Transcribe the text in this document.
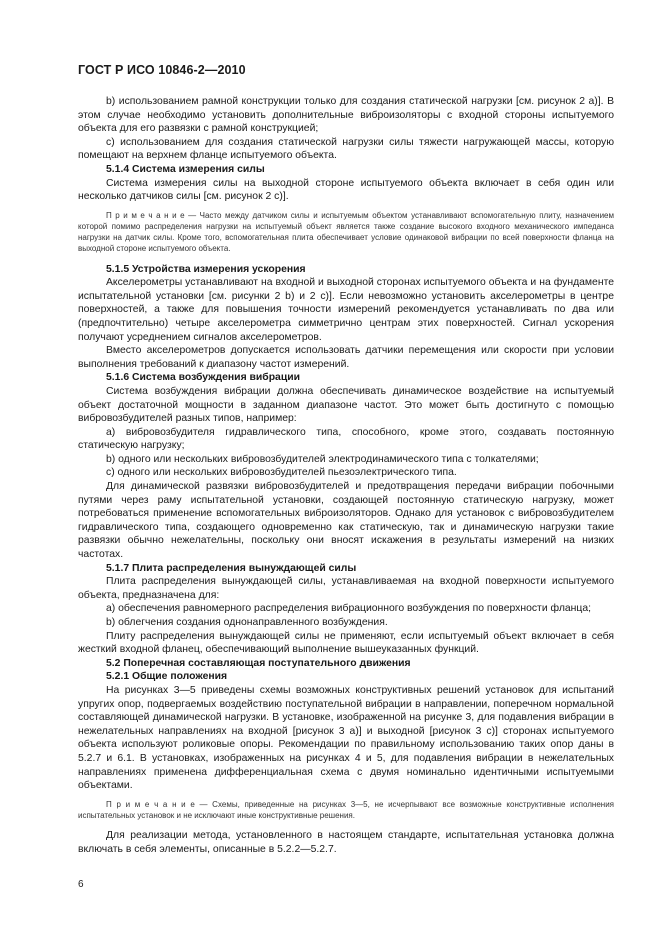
ГОСТ Р ИСО 10846-2—2010

b) использованием рамной конструкции только для создания статической нагрузки [см. рисунок 2 а)]. В этом случае необходимо установить дополнительные виброизоляторы с входной стороны испытуемого объекта для его развязки с рамной конструкцией;

c) использованием для создания статической нагрузки силы тяжести нагружающей массы, которую помещают на верхнем фланце испытуемого объекта.

5.1.4 Система измерения силы

Система измерения силы на выходной стороне испытуемого объекта включает в себя один или несколько датчиков силы [см. рисунок 2 с)].

П р и м е ч а н и е — Часто между датчиком силы и испытуемым объектом устанавливают вспомогательную плиту, назначением которой помимо распределения нагрузки на испытуемый объект является также создание высокого входного механического импеданса нагрузки на датчик силы. Кроме того, вспомогательная плита обеспечивает условие одинаковой вибрации по всей поверхности фланца на выходной стороне испытуемого объекта.

5.1.5 Устройства измерения ускорения

Акселерометры устанавливают на входной и выходной сторонах испытуемого объекта и на фундаменте испытательной установки [см. рисунки 2 b) и 2 с)]. Если невозможно установить акселерометры в центре поверхностей, а также для повышения точности измерений рекомендуется устанавливать по два или (предпочтительно) четыре акселерометра симметрично центрам этих поверхностей. Сигнал ускорения получают усреднением сигналов акселерометров.

Вместо акселерометров допускается использовать датчики перемещения или скорости при условии выполнения требований к диапазону частот измерений.

5.1.6 Система возбуждения вибрации

Система возбуждения вибрации должна обеспечивать динамическое воздействие на испытуемый объект достаточной мощности в заданном диапазоне частот. Это может быть достигнуто с помощью вибровозбудителей разных типов, например:

а) вибровозбудителя гидравлического типа, способного, кроме этого, создавать постоянную статическую нагрузку;

b) одного или нескольких вибровозбудителей электродинамического типа с толкателями;

c) одного или нескольких вибровозбудителей пьезоэлектрического типа.

Для динамической развязки вибровозбудителей и предотвращения передачи вибрации побочными путями через раму испытательной установки, создающей постоянную статическую нагрузку, может потребоваться применение вспомогательных виброизоляторов. Однако для установок с вибровозбудителем гидравлического типа, создающего одновременно как статическую, так и динамическую нагрузки такие развязки обычно нежелательны, поскольку они вносят искажения в результаты измерений на низких частотах.

5.1.7 Плита распределения вынуждающей силы

Плита распределения вынуждающей силы, устанавливаемая на входной поверхности испытуемого объекта, предназначена для:

а) обеспечения равномерного распределения вибрационного возбуждения по поверхности фланца;

b) облегчения создания однонаправленного возбуждения.

Плиту распределения вынуждающей силы не применяют, если испытуемый объект включает в себя жесткий входной фланец, обеспечивающий выполнение вышеуказанных функций.

5.2 Поперечная составляющая поступательного движения
5.2.1 Общие положения

На рисунках 3—5 приведены схемы возможных конструктивных решений установок для испытаний упругих опор, подвергаемых воздействию поступательной вибрации в направлении, поперечном нормальной составляющей динамической нагрузки. В установке, изображенной на рисунке 3, для подавления вибрации в нежелательных направлениях на входной [рисунок 3 а)] и выходной [рисунок 3 с)] сторонах испытуемого объекта используют роликовые опоры. Рекомендации по правильному использованию таких опор даны в 5.2.7 и 6.1. В установках, изображенных на рисунках 4 и 5, для подавления вибрации в нежелательных направлениях применена дифференциальная схема с двумя номинально идентичными испытуемыми объектами.

П р и м е ч а н и е — Схемы, приведенные на рисунках 3—5, не исчерпывают все возможные конструктивные исполнения испытательных установок и не исключают иные конструктивные решения.

Для реализации метода, установленного в настоящем стандарте, испытательная установка должна включать в себя элементы, описанные в 5.2.2—5.2.7.

6
